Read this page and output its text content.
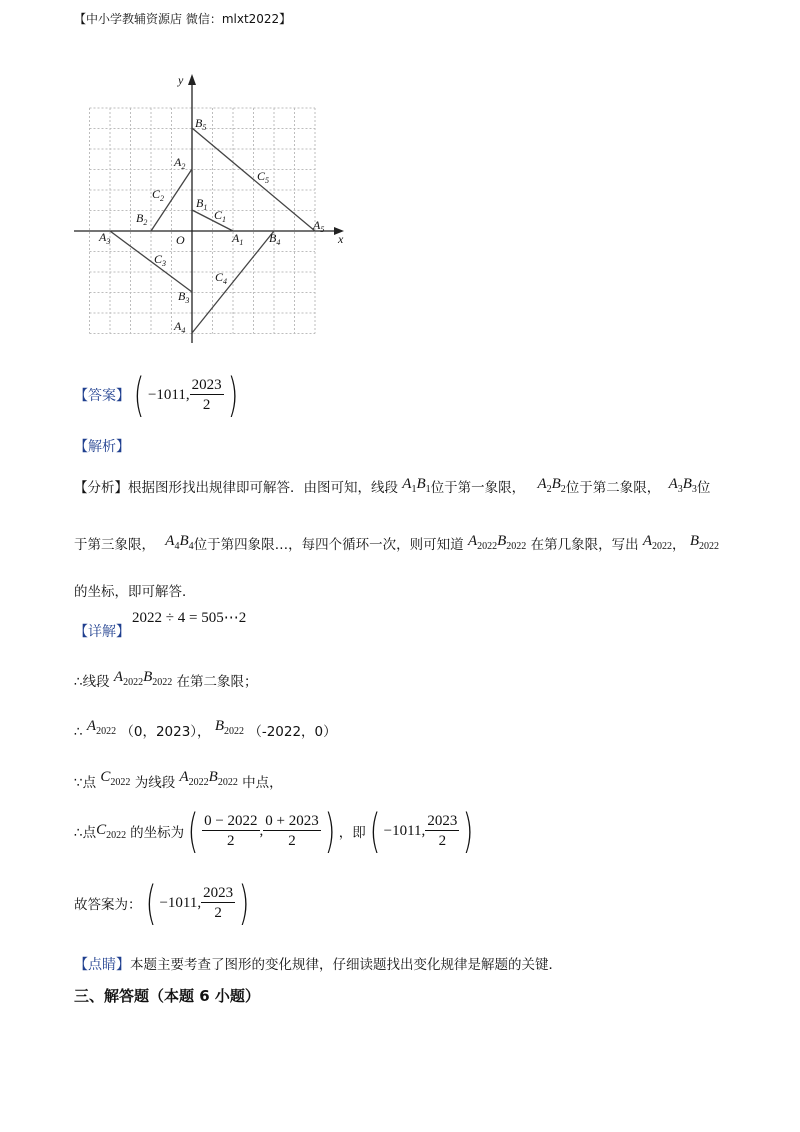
【中小学教辅资源店 微信：mlxt2022】
y
x
O
$B_5$
$A_2$
$C_5$
$C_2$	$B_1$
$C_1$
$B_2$	$A_5$
$A_3$	$A_1$ $B_4$
$C_3$
$C_4$
$B_3$
$A_4$
【答案】 ( −1011, $\frac{2023}{2}$ )
【解析】
【分析】根据图形找出规律即可解答．由图可知，线段 $A_1B_1$位于第一象限， $A_2B_2$位于第二象限， $A_3B_3$位
于第三象限， $A_4B_4$位于第四象限…，每四个循环一次，则可知道 $A_{2022}B_{2022}$ 在第几象限，写出 $A_{2022}$， $B_{2022}$
的坐标，即可解答．
2022 ÷ 4 = 505⋯2
【详解】
∴线段 $A_{2022}B_{2022}$ 在第二象限；
∴ $A_{2022}$ （0，2023）， $B_{2022}$ （-2022，0）
∵点 $C_{2022}$ 为线段 $A_{2022}B_{2022}$ 中点，
∴点 $C_{2022}$ 的坐标为 ( $\frac{0 - 2022}{2}$ , $\frac{0 + 2023}{2}$ ) ，即 ( −1011, $\frac{2023}{2}$ )
故答案为： ( −1011, $\frac{2023}{2}$ )
【点睛】本题主要考查了图形的变化规律，仔细读题找出变化规律是解题的关键．
三、解答题（本题 6 小题）
